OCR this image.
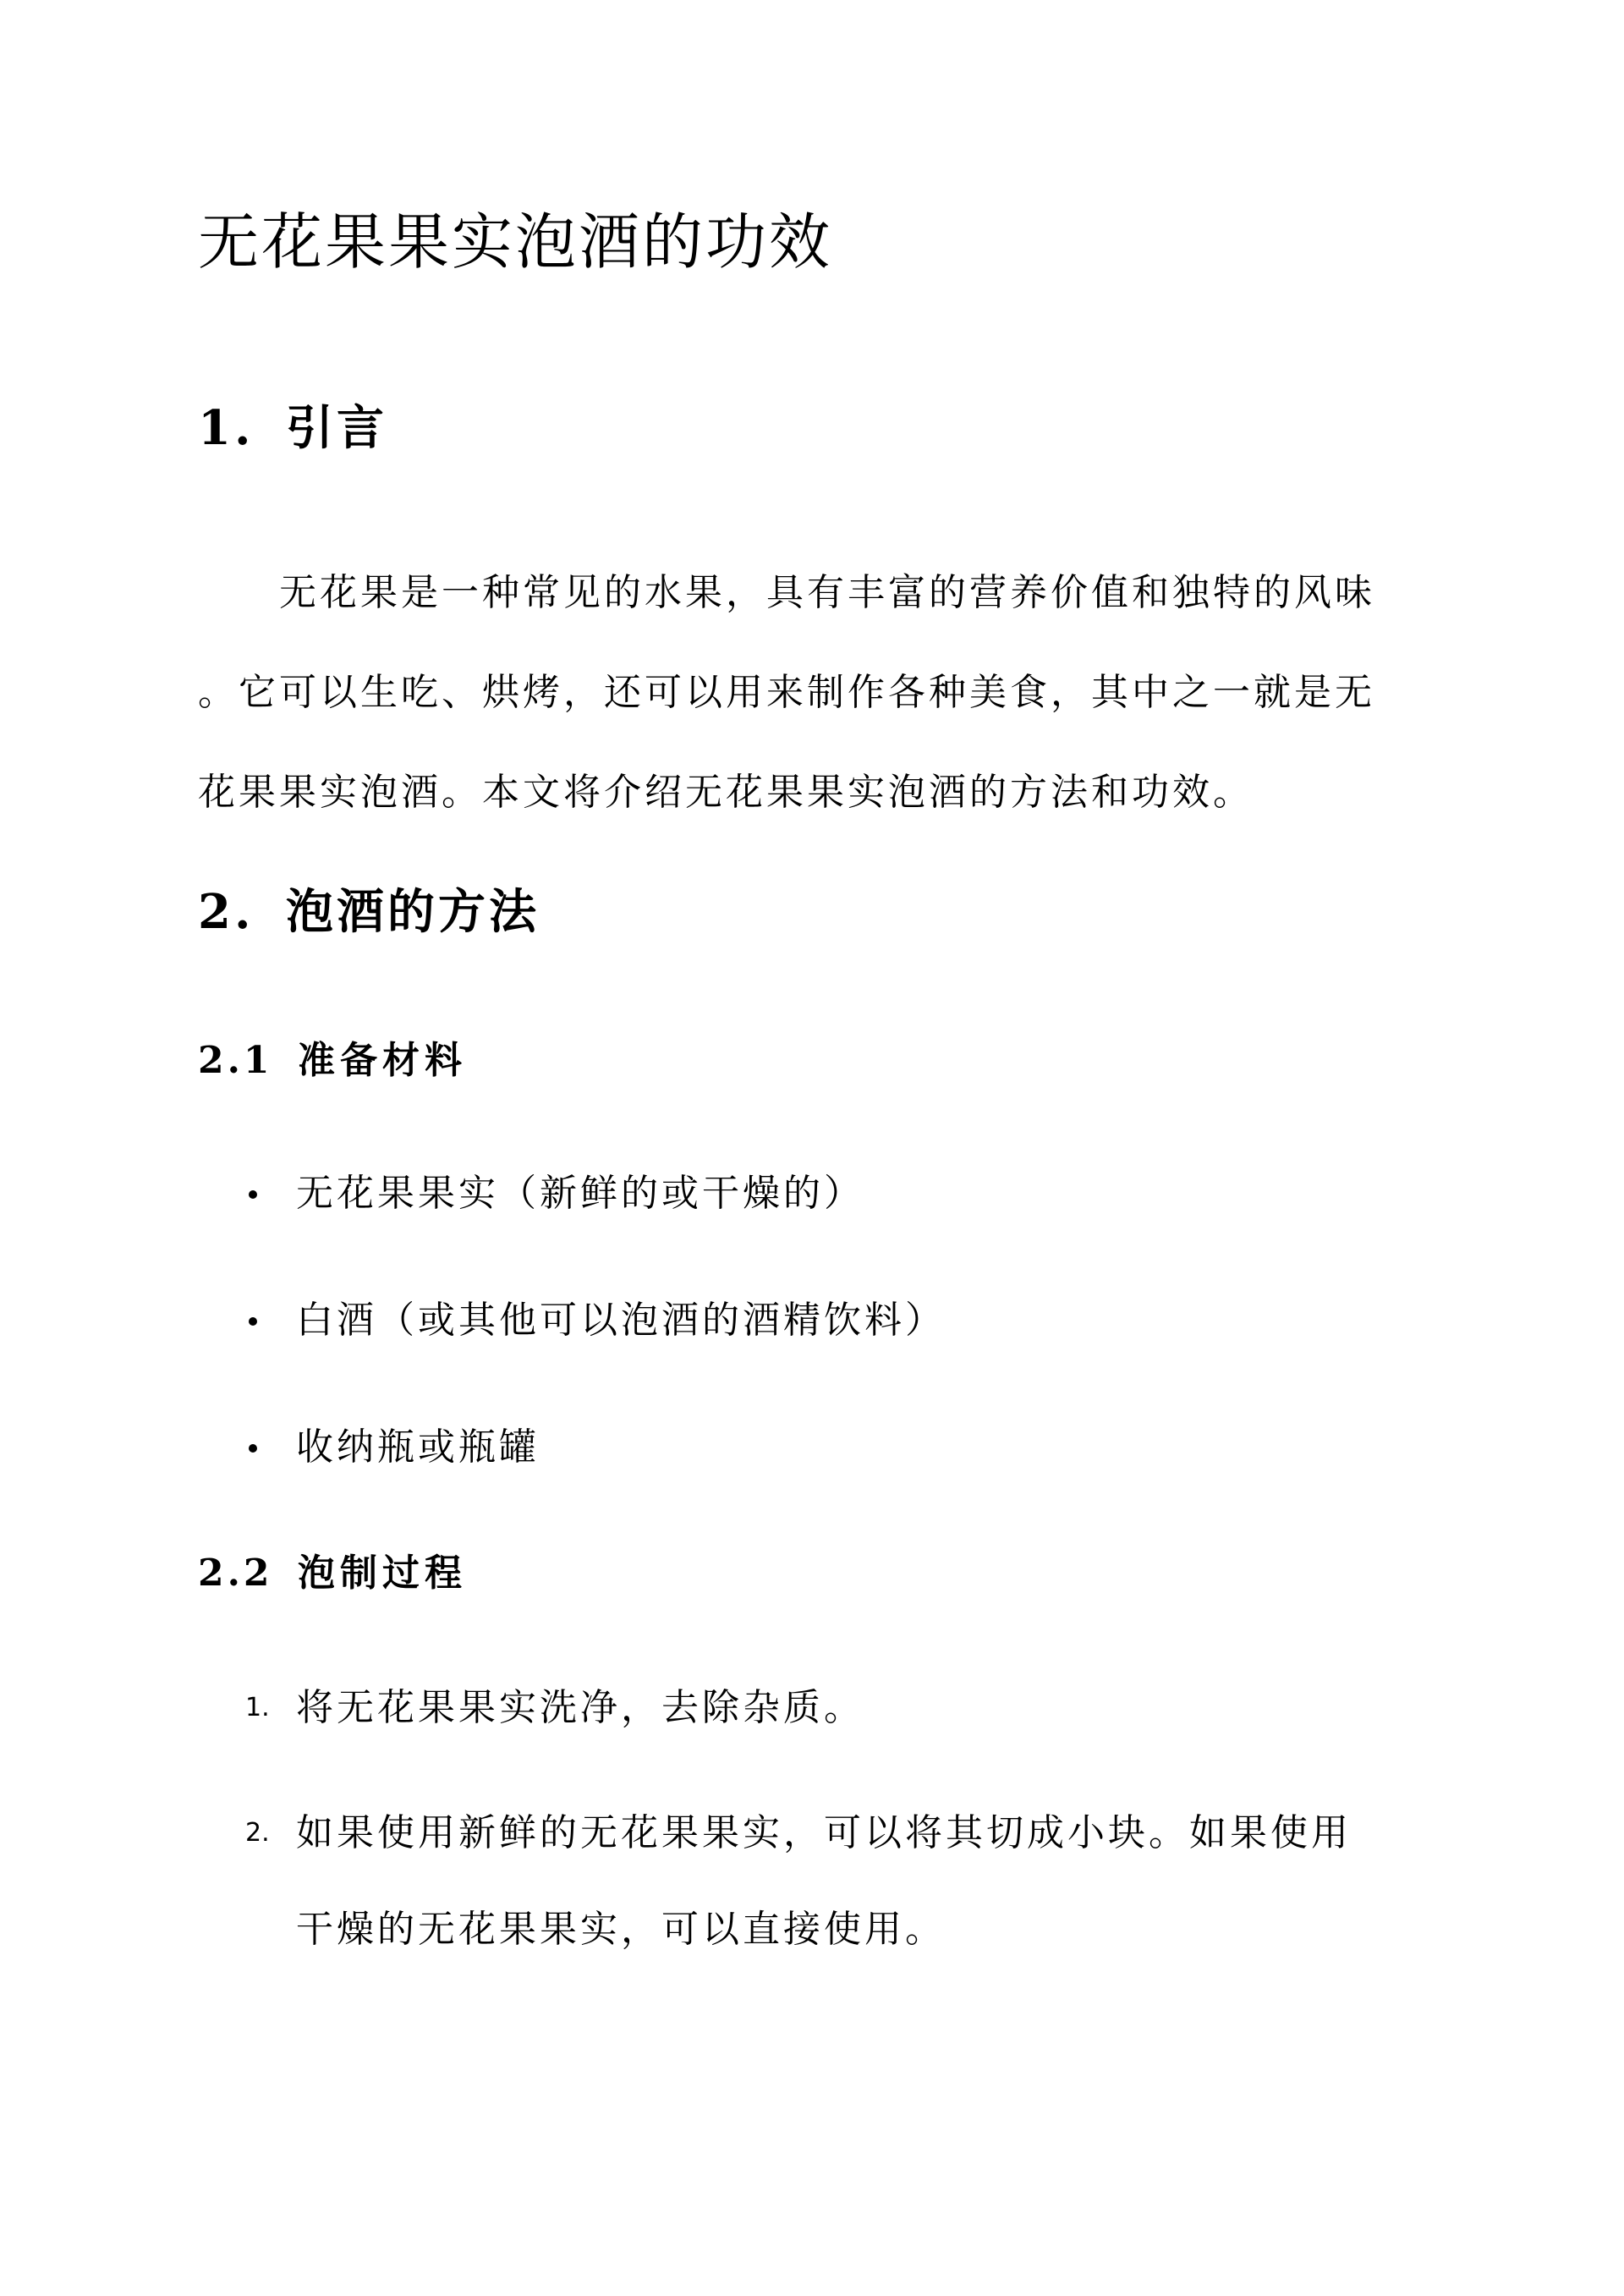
无花果果实泡酒的功效
1. 引言

无花果是一种常见的水果，具有丰富的营养价值和独特的风味
。它可以生吃、烘烤，还可以用来制作各种美食，其中之一就是无
花果果实泡酒。本文将介绍无花果果实泡酒的方法和功效。

2. 泡酒的方法
2.1 准备材料
无花果果实（新鲜的或干燥的）
白酒（或其他可以泡酒的酒精饮料）
收纳瓶或瓶罐
2.2 泡制过程
1. 将无花果果实洗净，去除杂质。
2. 如果使用新鲜的无花果果实，可以将其切成小块。如果使用
干燥的无花果果实，可以直接使用。
